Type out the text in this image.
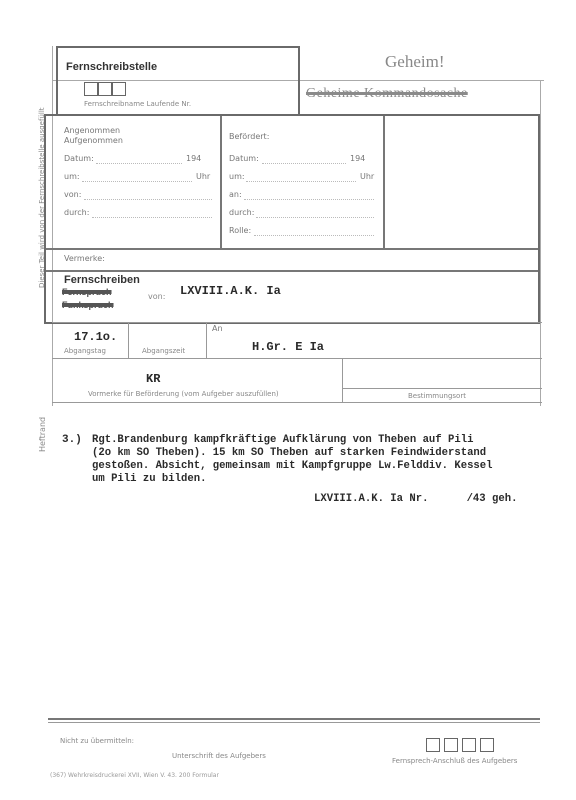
Dieser Teil wird von der Fernschreibstelle ausgefüllt
Heftrand
Fernschreibstelle
Fernschreibname Laufende Nr.
Geheim!
Geheime Kommandosache
Angenommen
Aufgenommen
Datum:	194
um:	Uhr
von:
durch:
Befördert:
Datum:	194
um:	Uhr
an:
durch:
Rolle:
Vermerke:
Fernschreiben
Fernspruch
Funkspruch
von: LXVIII.A.K. Ia
17.1o.
Abgangstag	Abgangszeit
An
H.Gr. E Ia
KR
Vormerke für Beförderung (vom Aufgeber auszufüllen)	Bestimmungsort
3.) Rgt.Brandenburg kampfkräftige Aufklärung von Theben auf Pili
(2o km SO Theben). 15 km SO Theben auf starken Feindwiderstand
gestoßen. Absicht, gemeinsam mit Kampfgruppe Lw.Felddiv. Kessel
um Pili zu bilden.
LXVIII.A.K. Ia Nr.      /43 geh.
Nicht zu übermitteln:
Unterschrift des Aufgebers
Fernsprech-Anschluß des Aufgebers
(367) Wehrkreisdruckerei XVII, Wien V. 43. 200 Formular
